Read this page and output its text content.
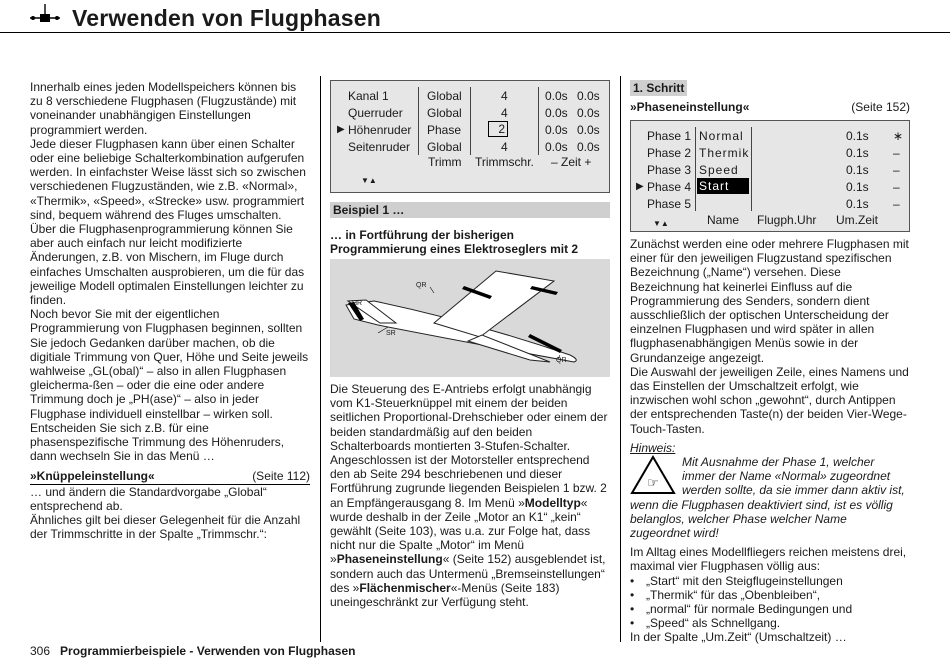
Verwenden von Flugphasen

Innerhalb eines jeden Modellspeichers können bis zu 8 verschiedene Flugphasen (Flugzustände) mit voneinander unabhängigen Einstellungen programmiert werden.

Jede dieser Flugphasen kann über einen Schalter oder eine beliebige Schalterkombination aufgerufen werden. In einfachster Weise lässt sich so zwischen verschiedenen Flugzuständen, wie z.B. «Normal», «Thermik», «Speed», «Strecke» usw. programmiert sind, bequem während des Fluges umschalten. Über die Flugphasenprogrammierung können Sie aber auch einfach nur leicht modifizierte Änderungen, z.B. von Mischern, im Fluge durch einfaches Umschalten ausprobieren, um die für das jeweilige Modell optimalen Einstellungen leichter zu finden.

Noch bevor Sie mit der eigentlichen Programmierung von Flugphasen beginnen, sollten Sie jedoch Gedanken darüber machen, ob die digitiale Trimmung von Quer, Höhe und Seite jeweils wahlweise „GL(obal)“ – also in allen Flugphasen gleicherma-ßen – oder die eine oder andere Trimmung doch je „PH(ase)“ – also in jeder Flugphase individuell einstellbar – wirken soll.

Entscheiden Sie sich z.B. für eine phasenspezifische Trimmung des Höhenruders, dann wechseln Sie in das Menü …

»Knüppeleinstellung«	(Seite 112)

… und ändern die Standardvorgabe „Global“ entsprechend ab.

Ähnliches gilt bei dieser Gelegenheit für die Anzahl der Trimmschritte in der Spalte „Trimmschr.“:

Kanal 1	Global	4	0.0s 0.0s
Querruder Global	4	0.0s 0.0s
▶ Höhenruder Phase	2	0.0s 0.0s
Seitenruder Global	4	0.0s 0.0s
Trimm Trimmschr. – Zeit +
▼▲
Beispiel 1 …

… in Fortführung der bisherigen Programmierung eines Elektroseglers mit 2

QR
HR
SR
QR

Die Steuerung des E-Antriebs erfolgt unabhängig vom K1-Steuerknüppel mit einem der beiden seitlichen Proportional-Drehschieber oder einem der beiden standardmäßig auf den beiden Schalterboards montierten 3-Stufen-Schalter. Angeschlossen ist der Motorsteller entsprechend den ab Seite 294 beschriebenen und dieser Fortführung zugrunde liegenden Beispielen 1 bzw. 2 an Empfängerausgang 8. Im Menü »Modelltyp« wurde deshalb in der Zeile „Motor an K1“ „kein“ gewählt (Seite 103), was u.a. zur Folge hat, dass nicht nur die Spalte „Motor“ im Menü »Phaseneinstellung« (Seite 152) ausgeblendet ist, sondern auch das Untermenü „Bremseinstellungen“ des »Flächenmischer«-Menüs (Seite 183) uneingeschränkt zur Verfügung steht.

1. Schritt
»Phaseneinstellung«	(Seite 152)
Phase 1 Normal	0.1s ∗
Phase 2 Thermik	0.1s –
Phase 3 Speed	0.1s –
▶ Phase 4 Start	0.1s –
Phase 5	0.1s –
▼▲	Name Flugph.Uhr Um.Zeit

Zunächst werden eine oder mehrere Flugphasen mit einer für den jeweiligen Flugzustand spezifischen Bezeichnung („Name“) versehen. Diese Bezeichnung hat keinerlei Einfluss auf die Programmierung des Senders, sondern dient ausschließlich der optischen Unterscheidung der einzelnen Flugphasen und wird später in allen flugphasenabhängigen Menüs sowie in der Grundanzeige angezeigt.

Die Auswahl der jeweiligen Zeile, eines Namens und das Einstellen der Umschaltzeit erfolgt, wie inzwischen wohl schon „gewohnt“, durch Antippen der entsprechenden Taste(n) der beiden Vier-Wege-Touch-Tasten.

Hinweis:
☞

Mit Ausnahme der Phase 1, welcher immer der Name «Normal» zugeordnet werden sollte, da sie immer dann aktiv ist, wenn die Flugphasen deaktiviert sind, ist es völlig belanglos, welcher Phase welcher Name zugeordnet wird!

Im Alltag eines Modellfliegers reichen meistens drei, maximal vier Flugphasen völlig aus:

• „Start“ mit den Steigflugeinstellungen
• „Thermik“ für das „Obenbleiben“,
• „normal“ für normale Bedingungen und
• „Speed“ als Schnellgang.

In der Spalte „Um.Zeit“ (Umschaltzeit) …

306 Programmierbeispiele - Verwenden von Flugphasen
